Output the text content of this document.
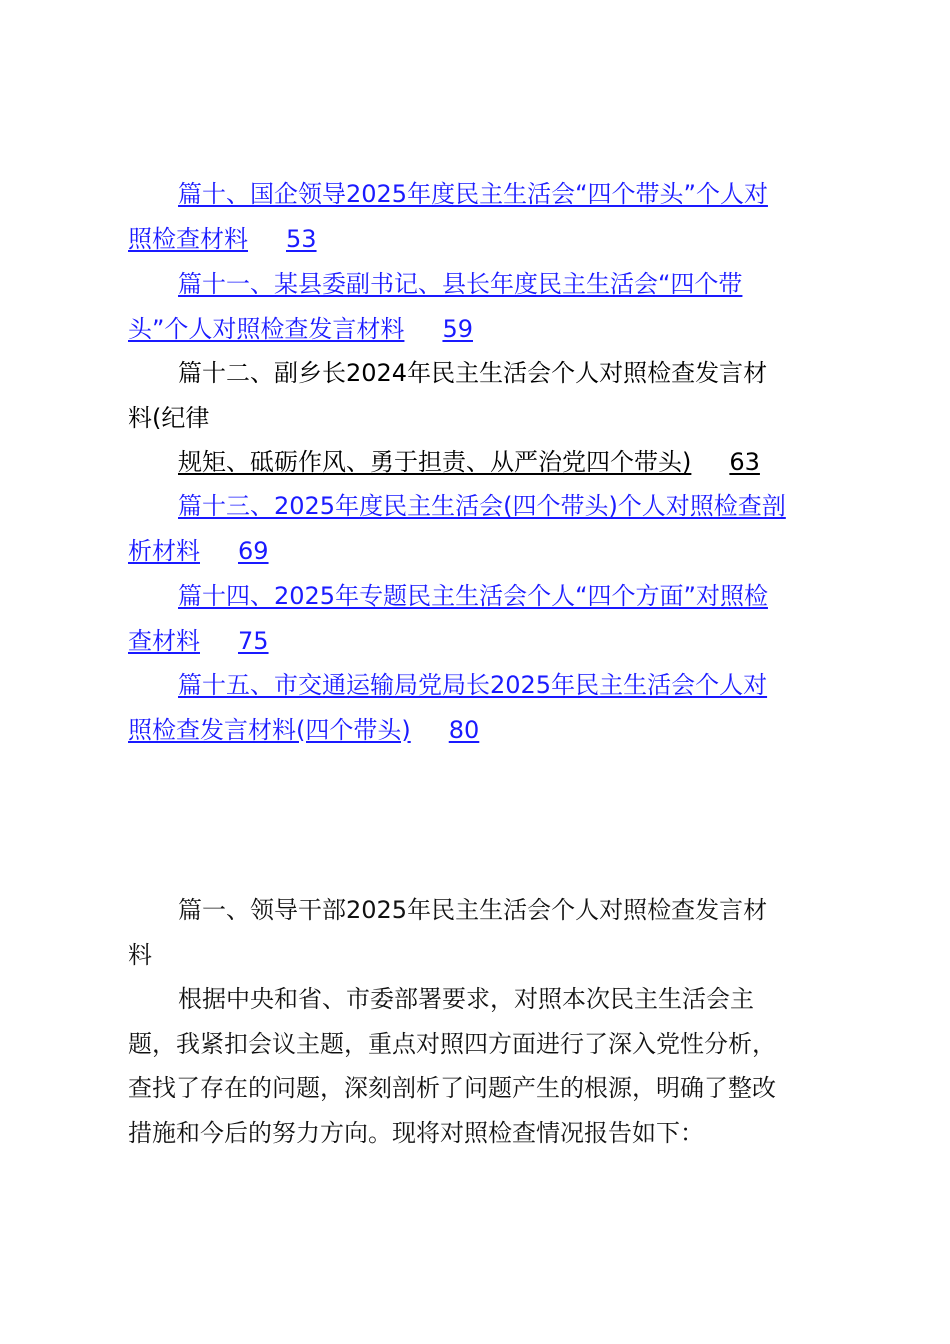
篇十、国企领导2025年度民主生活会“四个带头”个人对
照检查材料 53
篇十一、某县委副书记、县长年度民主生活会“四个带
头”个人对照检查发言材料 59
篇十二、副乡长2024年民主生活会个人对照检查发言材
料(纪律
规矩、砥砺作风、勇于担责、从严治党四个带头) 63
篇十三、2025年度民主生活会(四个带头)个人对照检查剖
析材料 69
篇十四、2025年专题民主生活会个人“四个方面”对照检
查材料 75
篇十五、市交通运输局党局长2025年民主生活会个人对
照检查发言材料(四个带头) 80
篇一、领导干部2025年民主生活会个人对照检查发言材
料
根据中央和省、市委部署要求，对照本次民主生活会主
题，我紧扣会议主题，重点对照四方面进行了深入党性分析，
查找了存在的问题，深刻剖析了问题产生的根源，明确了整改
措施和今后的努力方向。现将对照检查情况报告如下：
